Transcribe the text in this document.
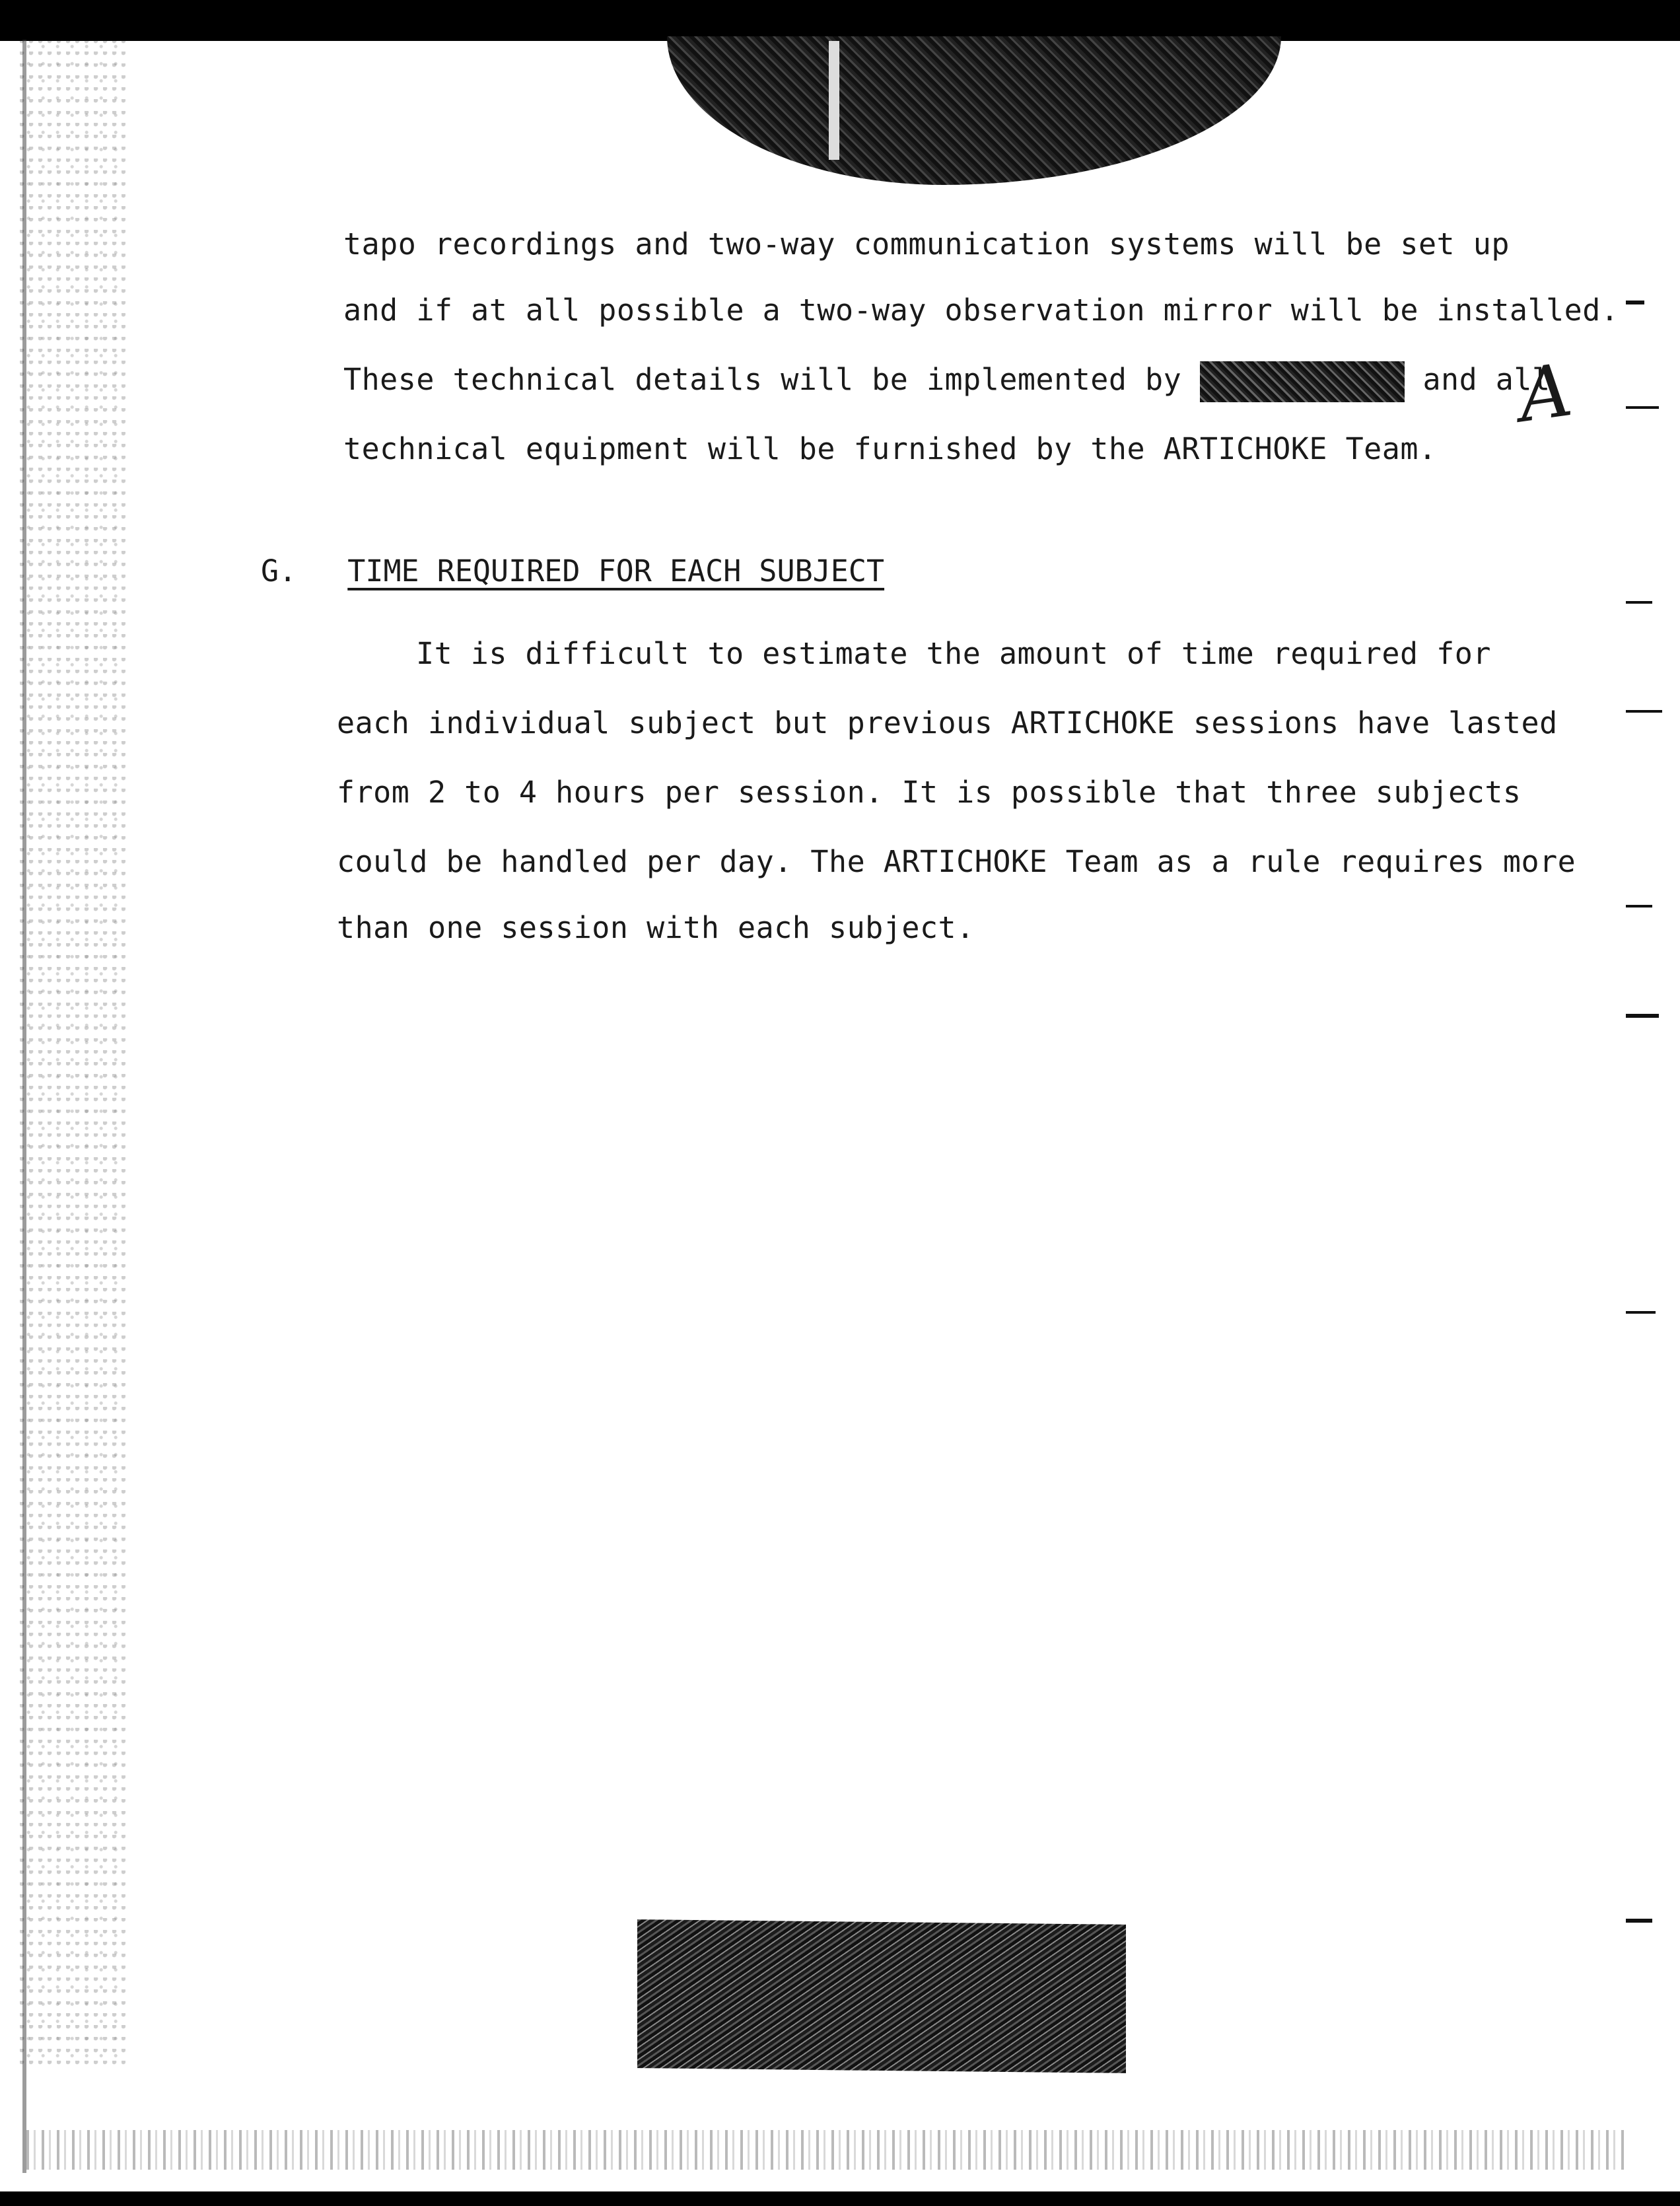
tapo recordings and two-way communication systems will be set up
and if at all possible a two-way observation mirror will be installed.
These technical details will be implemented by	and all
technical equipment will be furnished by the ARTICHOKE Team.
G. TIME REQUIRED FOR EACH SUBJECT
It is difficult to estimate the amount of time required for
each individual subject but previous ARTICHOKE sessions have lasted
from 2 to 4 hours per session. It is possible that three subjects
could be handled per day. The ARTICHOKE Team as a rule requires more
than one session with each subject.
A
